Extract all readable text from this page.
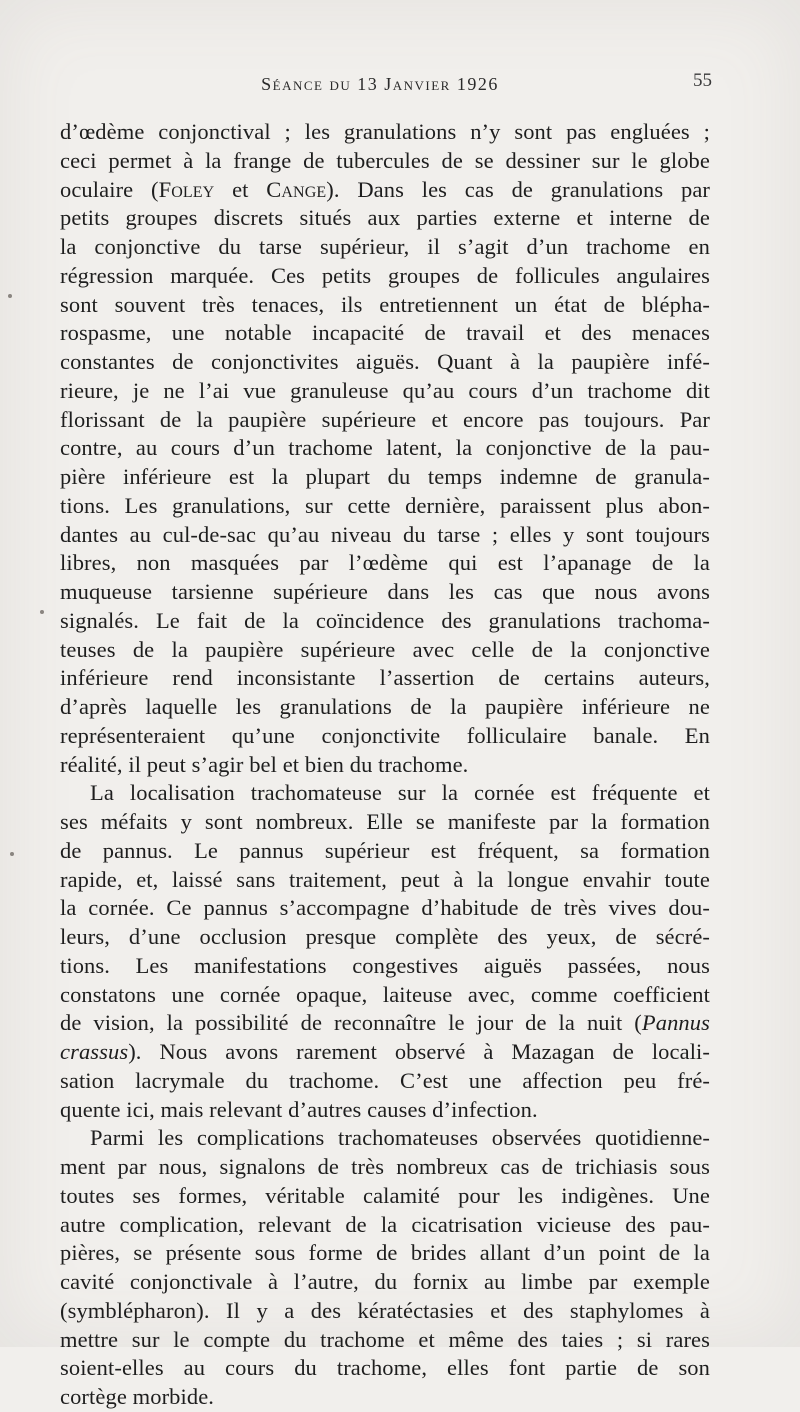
Séance du 13 Janvier 1926	55
d’œdème conjonctival ; les granulations n’y sont pas engluées ;
ceci permet à la frange de tubercules de se dessiner sur le globe
oculaire (Foley et Cange). Dans les cas de granulations par
petits groupes discrets situés aux parties externe et interne de
la conjonctive du tarse supérieur, il s’agit d’un trachome en
régression marquée. Ces petits groupes de follicules angulaires
sont souvent très tenaces, ils entretiennent un état de blépha-
rospasme, une notable incapacité de travail et des menaces
constantes de conjonctivites aiguës. Quant à la paupière infé-
rieure, je ne l’ai vue granuleuse qu’au cours d’un trachome dit
florissant de la paupière supérieure et encore pas toujours. Par
contre, au cours d’un trachome latent, la conjonctive de la pau-
pière inférieure est la plupart du temps indemne de granula-
tions. Les granulations, sur cette dernière, paraissent plus abon-
dantes au cul-de-sac qu’au niveau du tarse ; elles y sont toujours
libres, non masquées par l’œdème qui est l’apanage de la
muqueuse tarsienne supérieure dans les cas que nous avons
signalés. Le fait de la coïncidence des granulations trachoma-
teuses de la paupière supérieure avec celle de la conjonctive
inférieure rend inconsistante l’assertion de certains auteurs,
d’après laquelle les granulations de la paupière inférieure ne
représenteraient qu’une conjonctivite folliculaire banale. En
réalité, il peut s’agir bel et bien du trachome.
La localisation trachomateuse sur la cornée est fréquente et
ses méfaits y sont nombreux. Elle se manifeste par la formation
de pannus. Le pannus supérieur est fréquent, sa formation
rapide, et, laissé sans traitement, peut à la longue envahir toute
la cornée. Ce pannus s’accompagne d’habitude de très vives dou-
leurs, d’une occlusion presque complète des yeux, de sécré-
tions. Les manifestations congestives aiguës passées, nous
constatons une cornée opaque, laiteuse avec, comme coefficient
de vision, la possibilité de reconnaître le jour de la nuit (Pannus
crassus). Nous avons rarement observé à Mazagan de locali-
sation lacrymale du trachome. C’est une affection peu fré-
quente ici, mais relevant d’autres causes d’infection.
Parmi les complications trachomateuses observées quotidienne-
ment par nous, signalons de très nombreux cas de trichiasis sous
toutes ses formes, véritable calamité pour les indigènes. Une
autre complication, relevant de la cicatrisation vicieuse des pau-
pières, se présente sous forme de brides allant d’un point de la
cavité conjonctivale à l’autre, du fornix au limbe par exemple
(symblépharon). Il y a des kératéctasies et des staphylomes à
mettre sur le compte du trachome et même des taies ; si rares
soient-elles au cours du trachome, elles font partie de son
cortège morbide.
